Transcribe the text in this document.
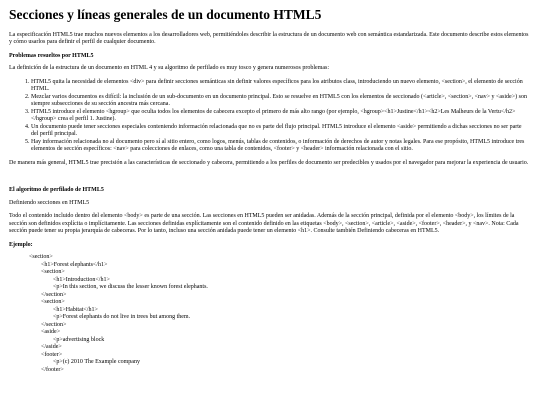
Secciones y líneas generales de un documento HTML5

La especificación HTML5 trae muchos nuevos elementos a los desarrolladores web, permitiéndoles describir la estructura de un documento web con semántica estandarizada. Este documento describe estos elementos y cómo usarlos para definir el perfil de cualquier documento.

Problemas resueltos por HTML5

La definición de la estructura de un documento en HTML 4 y su algoritmo de perfilado es muy tosco y genera numerosos problemas:

1. HTML5 quita la necesidad de elementos <div> para definir secciones semánticas sin definir valores específicos para los atributos class, introduciendo un nuevo elemento, <section>, el elemento de sección HTML.
2. Mezclar varios documentos es difícil: la inclusión de un sub-documento en un documento principal. Esto se resuelve en HTML5 con los elementos de seccionado (<article>, <section>, <nav> y <aside>) son siempre subsecciones de su sección ancestra más cercana.
3. HTML5 introduce el elemento <hgroup> que oculta todos los elementos de cabecera excepto el primero de más alto rango (por ejemplo, <hgroup><h1>Justine</h1><h2>Les Malheurs de la Vertu</h2></hgroup> crea el perfil 1. Justine).
4. Un documento puede tener secciones especiales conteniendo información relacionada que no es parte del flujo principal. HTML5 introduce el elemento <aside> permitiendo a dichas secciones no ser parte del perfil principal.
5. Hay información relacionada no al documento pero sí al sitio entero, como logos, menús, tablas de contenidos, o información de derechos de autor y notas legales. Para ese propósito, HTML5 introduce tres elementos de sección específicos: <nav> para colecciones de enlaces, como una tabla de contenidos, <footer> y <header> información relacionada con el sitio.

De manera más general, HTML5 trae precisión a las características de seccionado y cabecera, permitiendo a los perfiles de documento ser predecibles y usados por el navegador para mejorar la experiencia de usuario.

El algoritmo de perfilado de HTML5

Definiendo secciones en HTML5

Todo el contenido incluido dentro del elemento <body> es parte de una sección. Las secciones en HTML5 pueden ser anidadas. Además de la sección principal, definida por el elemento <body>, los límites de la sección son definidos explícita o implícitamente. Las secciones definidas explícitamente son el contenido definido en las etiquetas <body>, <section>, <article>, <aside>, <footer>, <header>, y <nav>. Nota: Cada sección puede tener su propia jerarquía de cabeceras. Por lo tanto, incluso una sección anidada puede tener un elemento <h1>. Consulte también Definiendo cabeceras en HTML5.

Ejemplo:
<section>
<h1>Forest elephants</h1>
<section>
<h1>Introduction</h1>
<p>In this section, we discuss the lesser known forest elephants.
</section>
<section>
<h1>Habitat</h1>
<p>Forest elephants do not live in trees but among them.
</section>
<aside>
<p>advertising block
</aside>
<footer>
<p>(c) 2010 The Example company
</footer>
